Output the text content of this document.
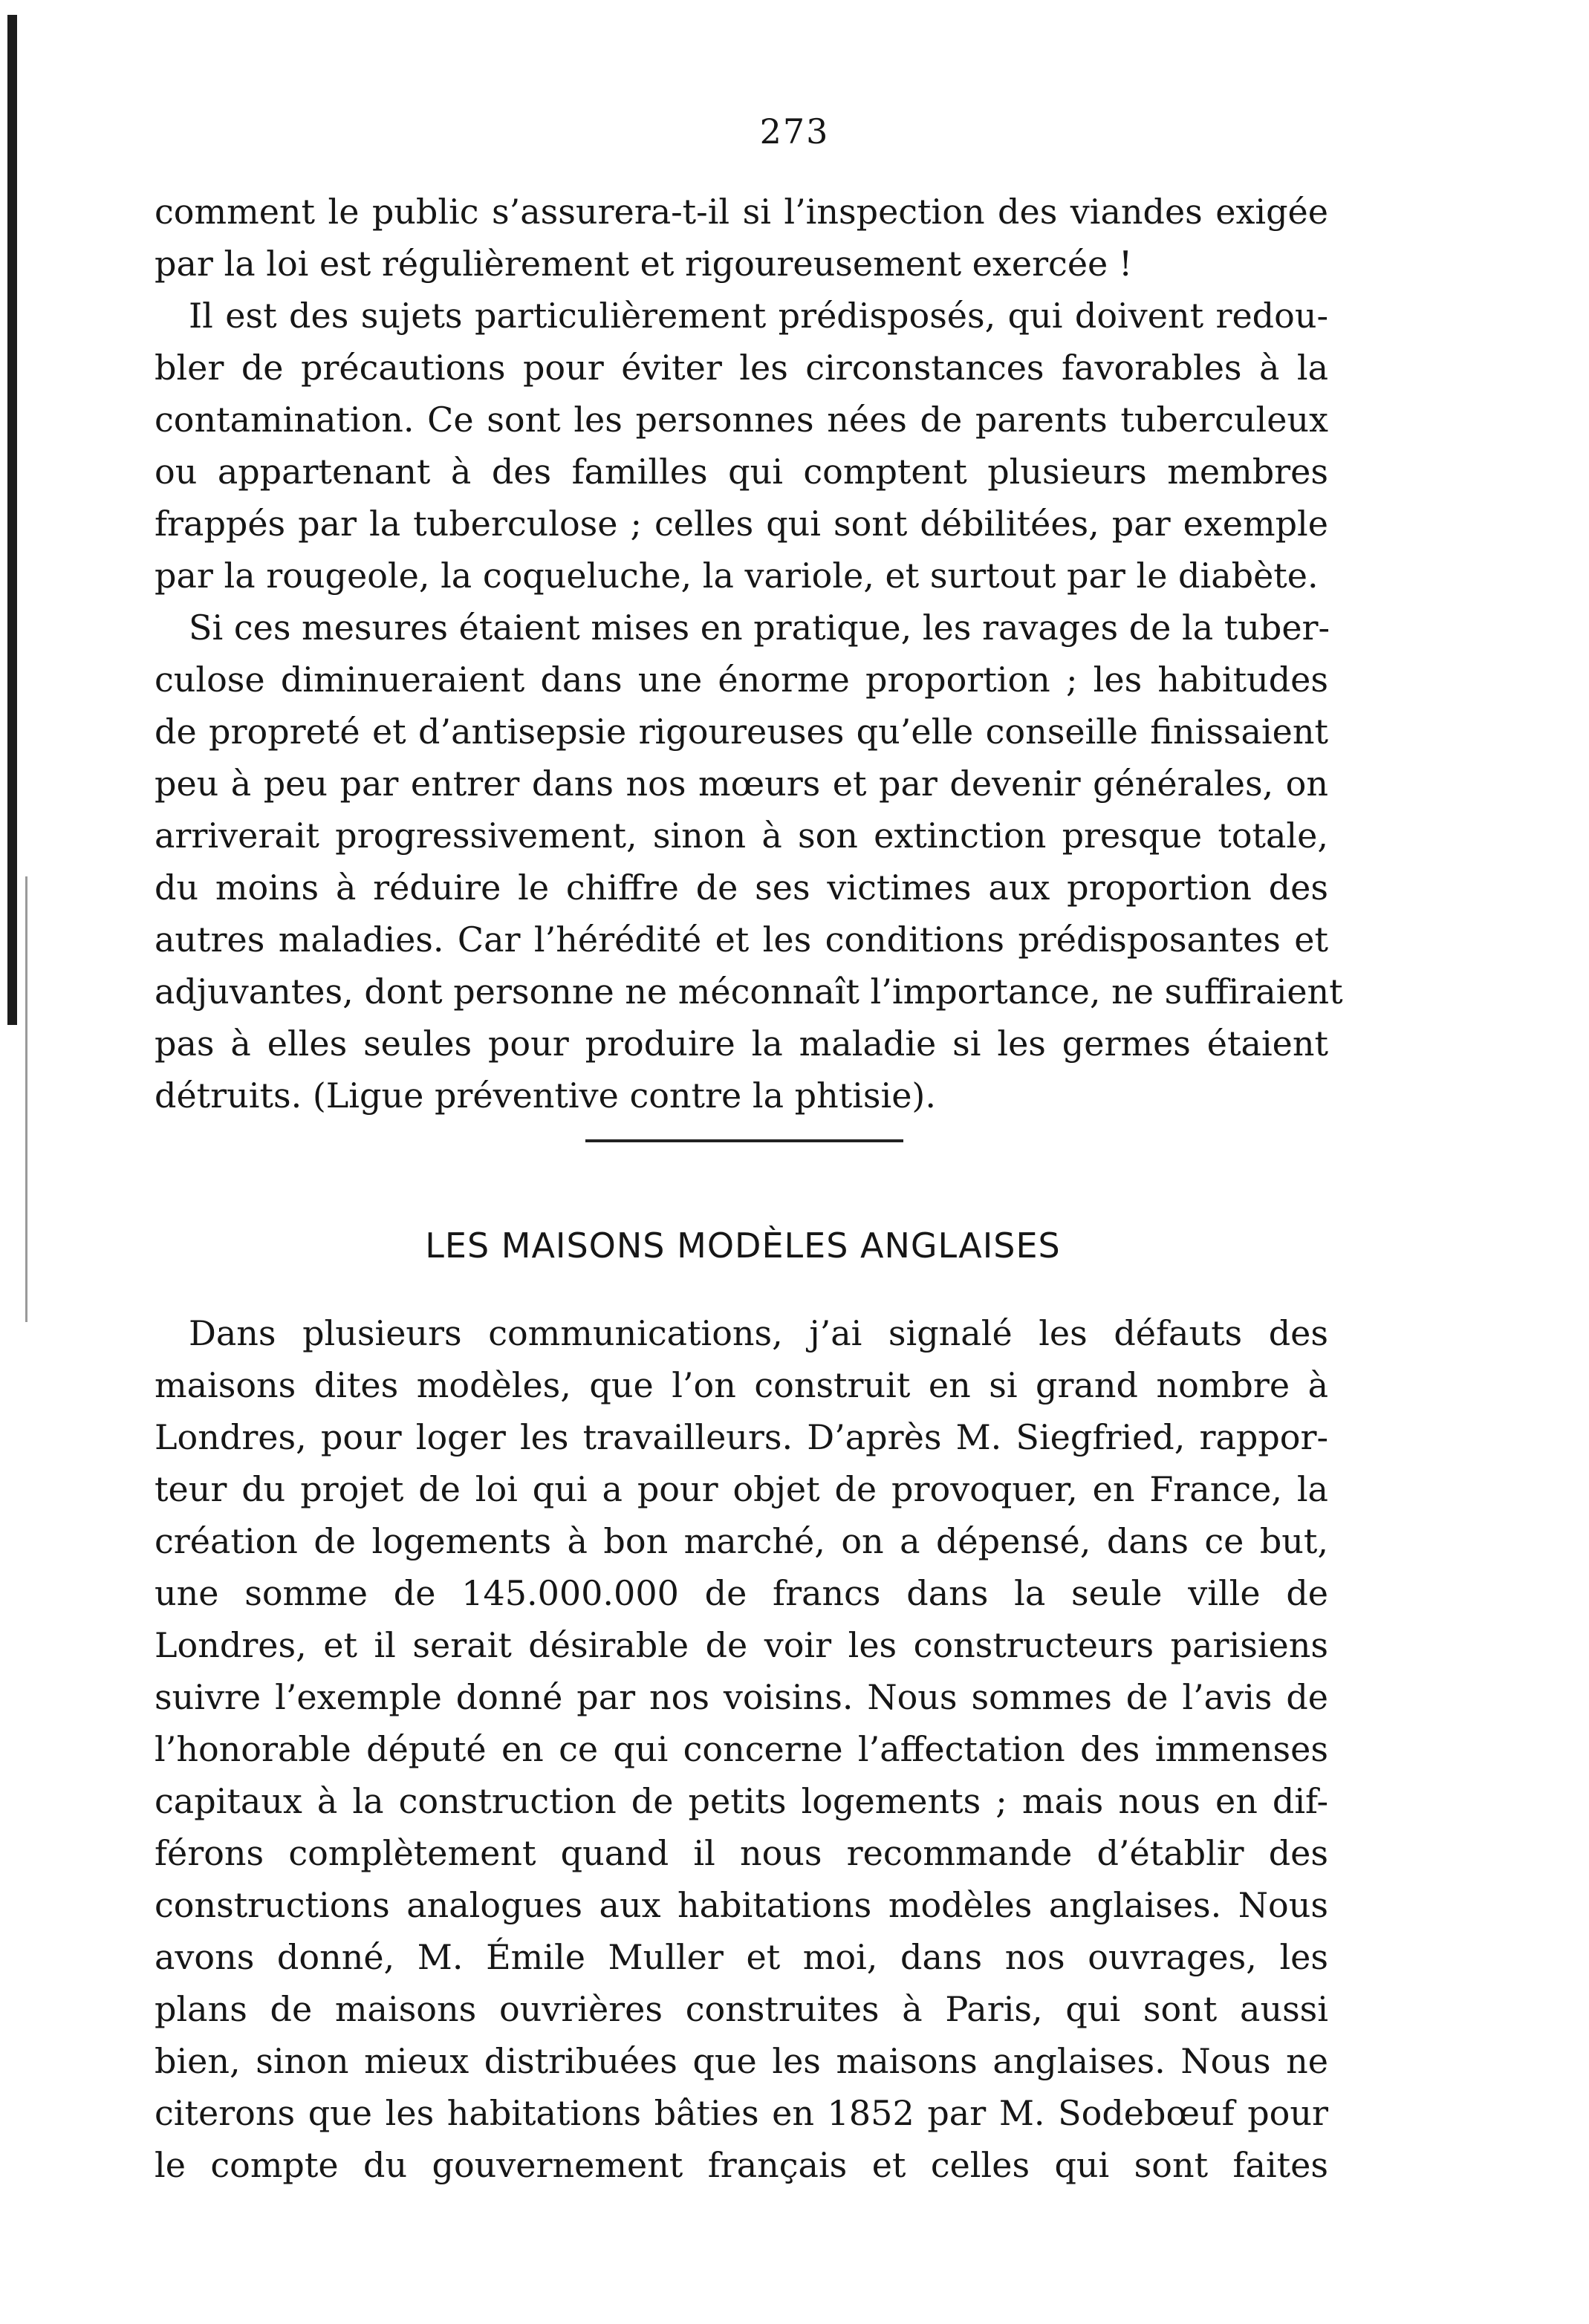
273
comment le public s’assurera-t-il si l’inspection des viandes exigée
par la loi est régulièrement et rigoureusement exercée !
 Il est des sujets particulièrement prédisposés, qui doivent redou-
bler de précautions pour éviter les circonstances favorables à la
contamination. Ce sont les personnes nées de parents tuberculeux
ou appartenant à des familles qui comptent plusieurs membres
frappés par la tuberculose ; celles qui sont débilitées, par exemple
par la rougeole, la coqueluche, la variole, et surtout par le diabète.
 Si ces mesures étaient mises en pratique, les ravages de la tuber-
culose diminueraient dans une énorme proportion ; les habitudes
de propreté et d’antisepsie rigoureuses qu’elle conseille finissaient
peu à peu par entrer dans nos mœurs et par devenir générales, on
arriverait progressivement, sinon à son extinction presque totale,
du moins à réduire le chiffre de ses victimes aux proportion des
autres maladies. Car l’hérédité et les conditions prédisposantes et
adjuvantes, dont personne ne méconnaît l’importance, ne suffiraient
pas à elles seules pour produire la maladie si les germes étaient
détruits. (Ligue préventive contre la phtisie).
LES MAISONS MODÈLES ANGLAISES
 Dans plusieurs communications, j’ai signalé les défauts des
maisons dites modèles, que l’on construit en si grand nombre à
Londres, pour loger les travailleurs. D’après M. Siegfried, rappor-
teur du projet de loi qui a pour objet de provoquer, en France, la
création de logements à bon marché, on a dépensé, dans ce but,
une somme de 145.000.000 de francs dans la seule ville de
Londres, et il serait désirable de voir les constructeurs parisiens
suivre l’exemple donné par nos voisins. Nous sommes de l’avis de
l’honorable député en ce qui concerne l’affectation des immenses
capitaux à la construction de petits logements ; mais nous en dif-
férons complètement quand il nous recommande d’établir des
constructions analogues aux habitations modèles anglaises. Nous
avons donné, M. Émile Muller et moi, dans nos ouvrages, les
plans de maisons ouvrières construites à Paris, qui sont aussi
bien, sinon mieux distribuées que les maisons anglaises. Nous ne
citerons que les habitations bâties en 1852 par M. Sodebœuf pour
le compte du gouvernement français et celles qui sont faites
